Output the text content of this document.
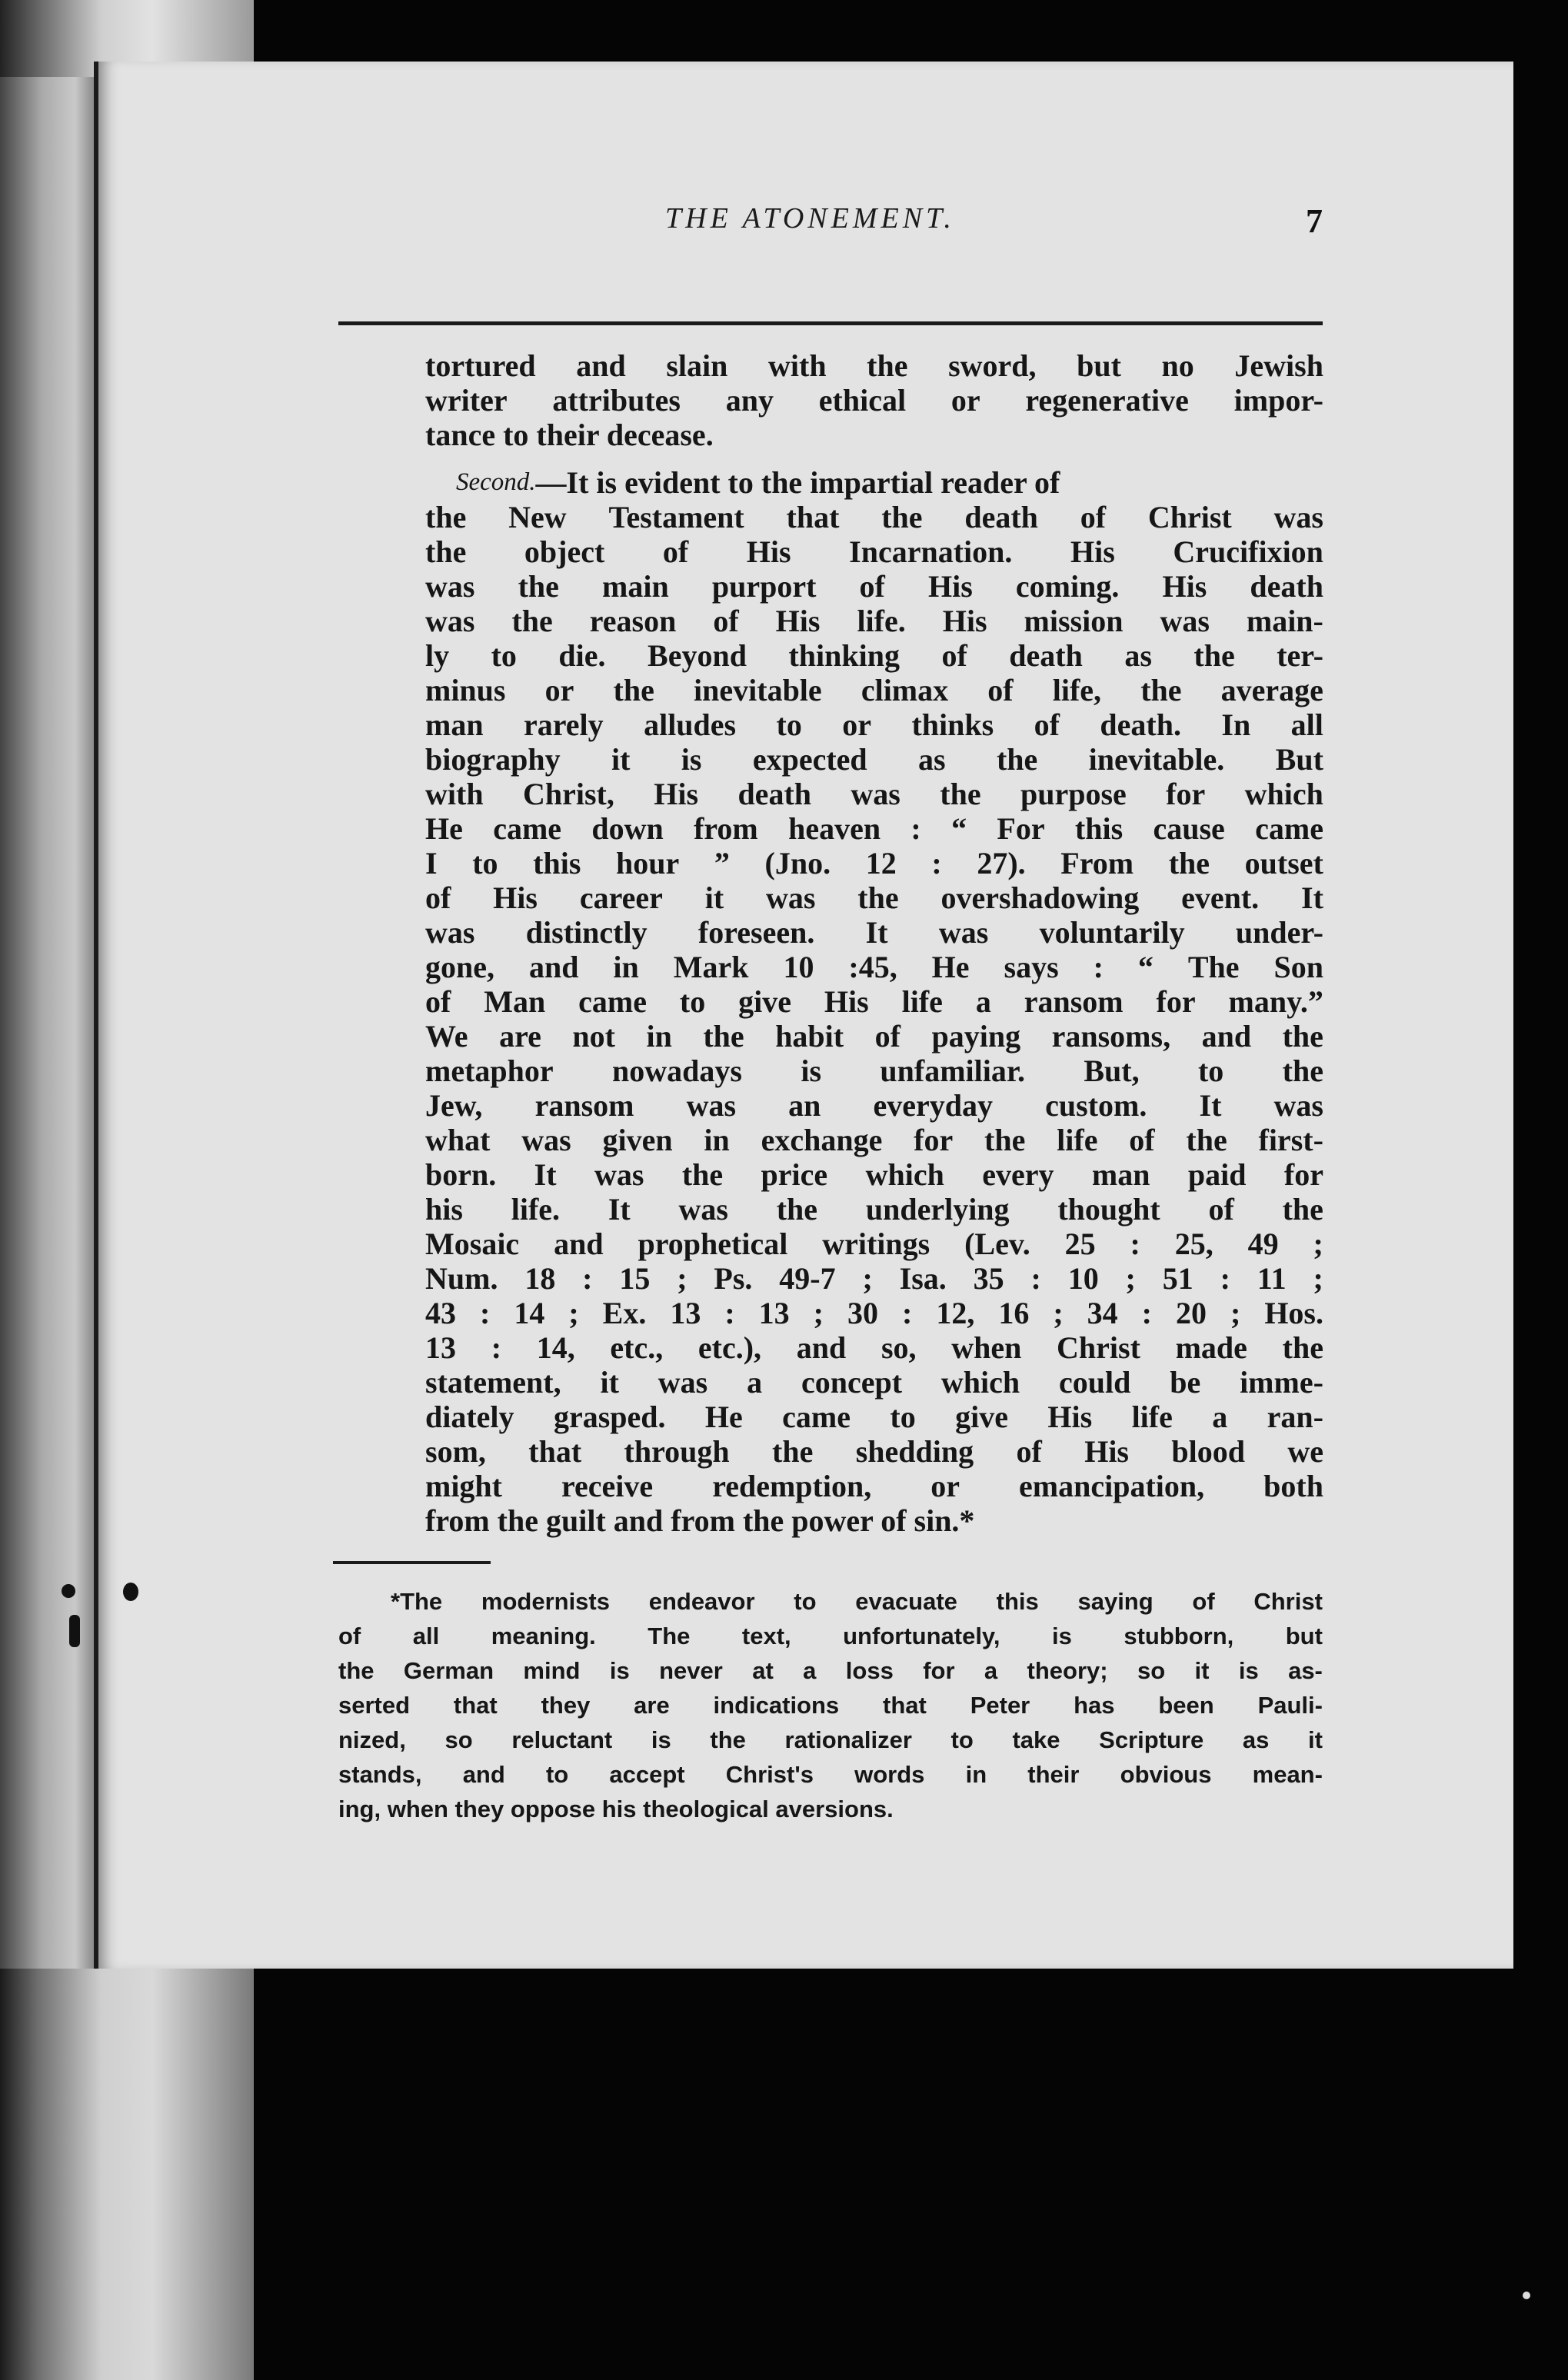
THE ATONEMENT.	7
tortured and slain with the sword, but no Jewish
writer attributes any ethical or regenerative impor-
tance to their decease.
Second. —It is evident to the impartial reader of
the New Testament that the death of Christ was
the object of His Incarnation. His Crucifixion
was the main purport of His coming. His death
was the reason of His life. His mission was main-
ly to die. Beyond thinking of death as the ter-
minus or the inevitable climax of life, the average
man rarely alludes to or thinks of death. In all
biography it is expected as the inevitable. But
with Christ, His death was the purpose for which
He came down from heaven : “ For this cause came
I to this hour ” (Jno. 12 : 27). From the outset
of His career it was the overshadowing event. It
was distinctly foreseen. It was voluntarily under-
gone, and in Mark 10 :45, He says : “ The Son
of Man came to give His life a ransom for many.”
We are not in the habit of paying ransoms, and the
metaphor nowadays is unfamiliar. But, to the
Jew, ransom was an everyday custom. It was
what was given in exchange for the life of the first-
born. It was the price which every man paid for
his life. It was the underlying thought of the
Mosaic and prophetical writings (Lev. 25 : 25, 49 ;
Num. 18 : 15 ; Ps. 49-7 ; Isa. 35 : 10 ; 51 : 11 ;
43 : 14 ; Ex. 13 : 13 ; 30 : 12, 16 ; 34 : 20 ; Hos.
13 : 14, etc., etc.), and so, when Christ made the
statement, it was a concept which could be imme-
diately grasped. He came to give His life a ran-
som, that through the shedding of His blood we
might receive redemption, or emancipation, both
from the guilt and from the power of sin.*
*The modernists endeavor to evacuate this saying of Christ
of all meaning. The text, unfortunately, is stubborn, but
the German mind is never at a loss for a theory; so it is as-
serted that they are indications that Peter has been Pauli-
nized, so reluctant is the rationalizer to take Scripture as it
stands, and to accept Christ's words in their obvious mean-
ing, when they oppose his theological aversions.
